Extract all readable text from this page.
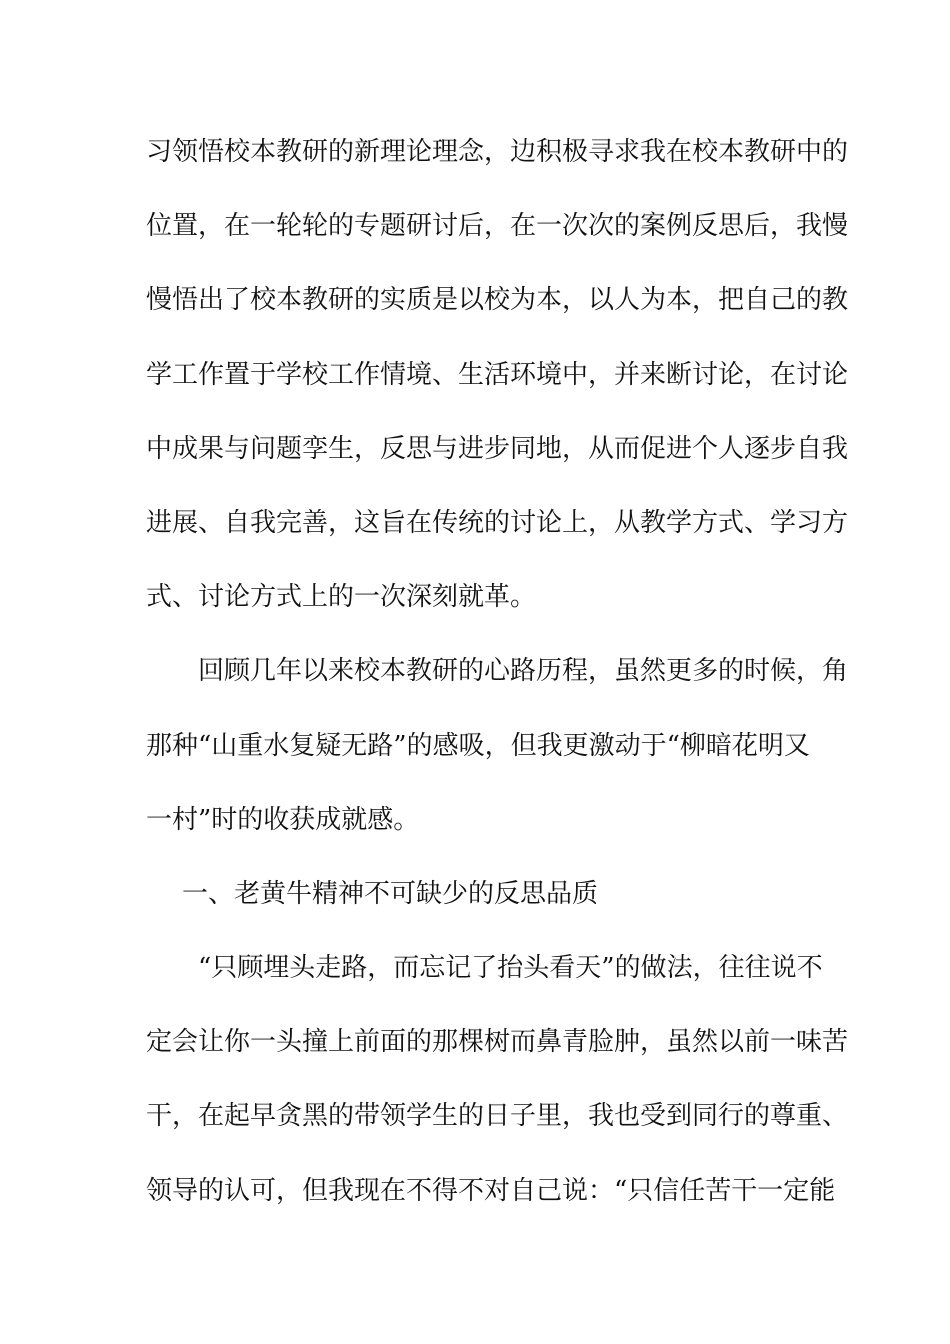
习领悟校本教研的新理论理念，边积极寻求我在校本教研中的
位置，在一轮轮的专题研讨后，在一次次的案例反思后，我慢
慢悟出了校本教研的实质是以校为本，以人为本，把自己的教
学工作置于学校工作情境、生活环境中，并来断讨论，在讨论
中成果与问题孪生，反思与进步同地，从而促进个人逐步自我
进展、自我完善，这旨在传统的讨论上，从教学方式、学习方
式、讨论方式上的一次深刻就革。
回顾几年以来校本教研的心路历程，虽然更多的时候，角
那种“山重水复疑无路”的感吸，但我更激动于“柳暗花明又
一村”时的收获成就感。
一、老黄牛精神不可缺少的反思品质
“只顾埋头走路，而忘记了抬头看天”的做法，往往说不
定会让你一头撞上前面的那棵树而鼻青脸肿，虽然以前一味苦
干，在起早贪黑的带领学生的日子里，我也受到同行的尊重、
领导的认可，但我现在不得不对自己说：“只信任苦干一定能
